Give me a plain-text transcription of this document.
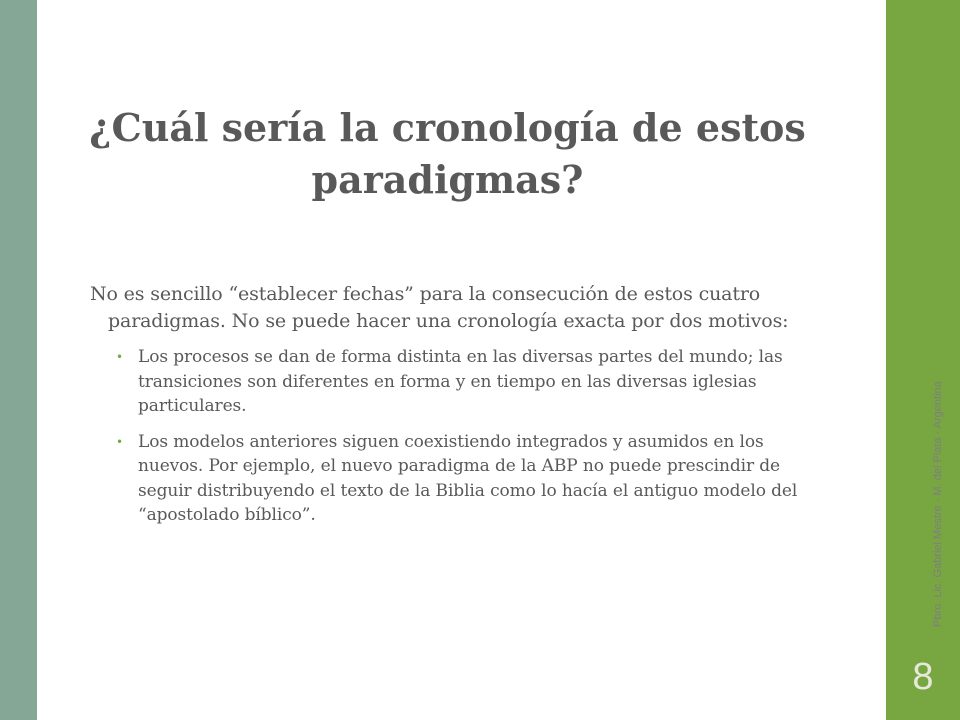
Pbro. Lic. Gabriel Mestre - M. del Plata - Argentina
8
¿Cuál sería la cronología de estos paradigmas?

No es sencillo “establecer fechas” para la consecución de estos cuatro paradigmas. No se puede hacer una cronología exacta por dos motivos:

• Los procesos se dan de forma distinta en las diversas partes del mundo; las transiciones son diferentes en forma y en tiempo en las diversas iglesias particulares.
• Los modelos anteriores siguen coexistiendo integrados y asumidos en los nuevos. Por ejemplo, el nuevo paradigma de la ABP no puede prescindir de seguir distribuyendo el texto de la Biblia como lo hacía el antiguo modelo del “apostolado bíblico”.
